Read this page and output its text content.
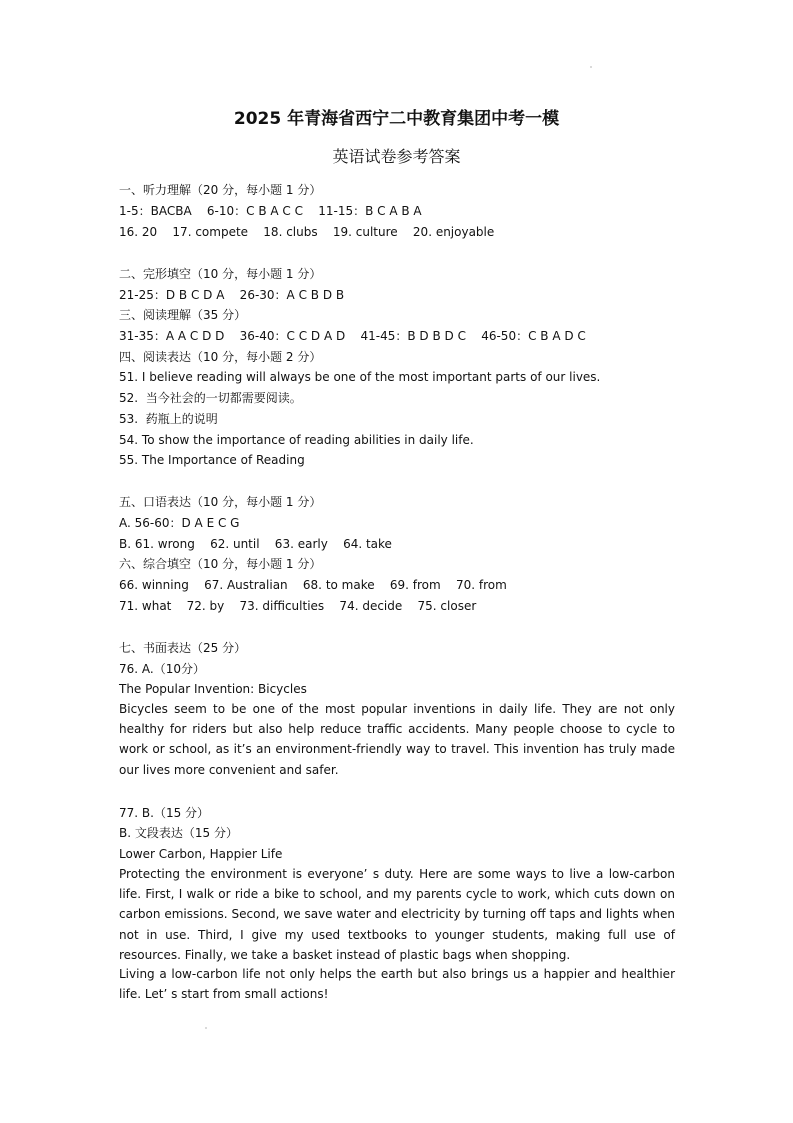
2025 年青海省西宁二中教育集团中考一模
英语试卷参考答案
一、听力理解（20 分，每小题 1 分）
1-5：BACBA    6-10：C B A C C    11-15：B C A B A
16. 20    17. compete    18. clubs    19. culture    20. enjoyable
二、完形填空（10 分，每小题 1 分）
21-25：D B C D A    26-30：A C B D B
三、阅读理解（35 分）
31-35：A A C D D    36-40：C C D A D    41-45：B D B D C    46-50：C B A D C
四、阅读表达（10 分，每小题 2 分）
51. I believe reading will always be one of the most important parts of our lives.
52.  当今社会的一切都需要阅读。
53.  药瓶上的说明
54. To show the importance of reading abilities in daily life.
55. The Importance of Reading
五、口语表达（10 分，每小题 1 分）
A. 56-60：D A E C G
B. 61. wrong    62. until    63. early    64. take
六、综合填空（10 分，每小题 1 分）
66. winning    67. Australian    68. to make    69. from    70. from
71. what    72. by    73. difficulties    74. decide    75. closer
七、书面表达（25 分）
76. A.（10分）
The Popular Invention: Bicycles
Bicycles seem to be one of the most popular inventions in daily life. They are not only healthy for riders but also help reduce traffic accidents. Many people choose to cycle to work or school, as it’s an environment-friendly way to travel. This invention has truly made our lives more convenient and safer.
77. B.（15 分）
B. 文段表达（15 分）
Lower Carbon, Happier Life
Protecting the environment is everyone’ s duty. Here are some ways to live a low-carbon life. First, I walk or ride a bike to school, and my parents cycle to work, which cuts down on carbon emissions. Second, we save water and electricity by turning off taps and lights when not in use. Third, I give my used textbooks to younger students, making full use of resources. Finally, we take a basket instead of plastic bags when shopping.
Living a low-carbon life not only helps the earth but also brings us a happier and healthier life. Let’ s start from small actions!
